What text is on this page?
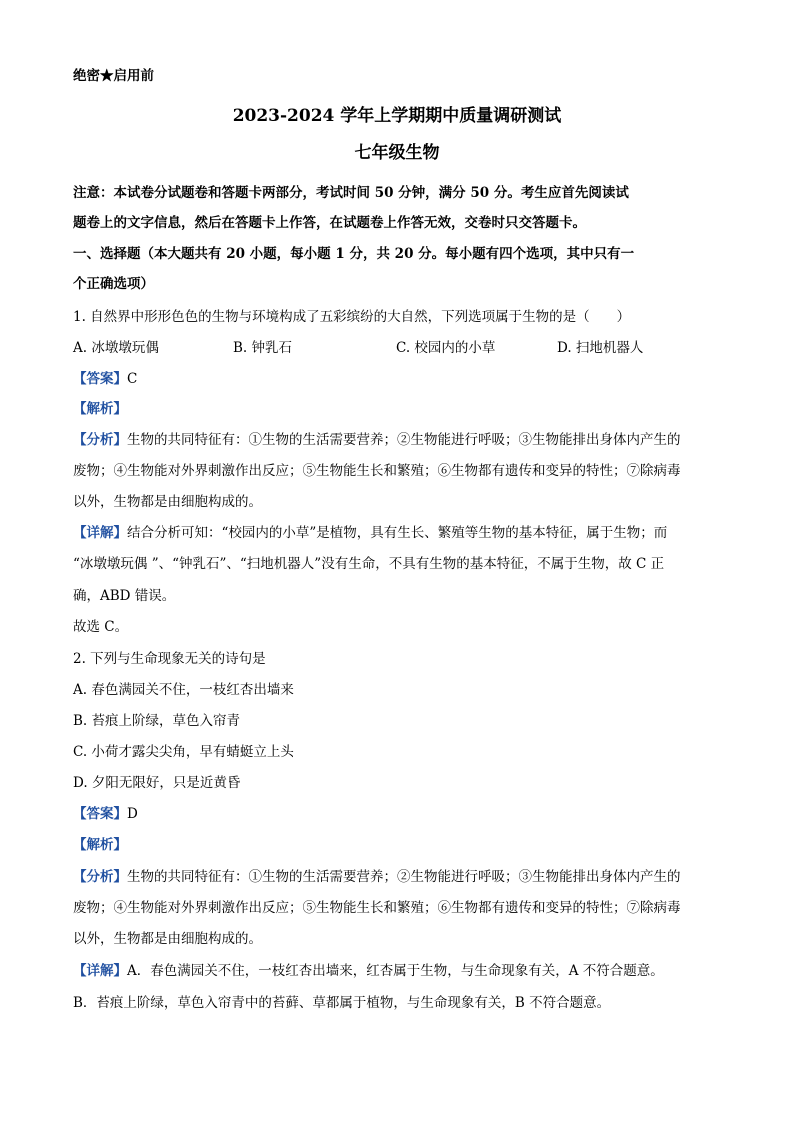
绝密★启用前
2023-2024 学年上学期期中质量调研测试
七年级生物
注意：本试卷分试题卷和答题卡两部分，考试时间 50 分钟，满分 50 分。考生应首先阅读试
题卷上的文字信息，然后在答题卡上作答，在试题卷上作答无效，交卷时只交答题卡。
一、选择题（本大题共有 20 小题，每小题 1 分，共 20 分。每小题有四个选项，其中只有一
个正确选项）
1. 自然界中形形色色的生物与环境构成了五彩缤纷的大自然，下列选项属于生物的是（　　）
A. 冰墩墩玩偶	B. 钟乳石	C. 校园内的小草	D. 扫地机器人
【答案】C
【解析】
【分析】生物的共同特征有：①生物的生活需要营养；②生物能进行呼吸；③生物能排出身体内产生的
废物；④生物能对外界刺激作出反应；⑤生物能生长和繁殖；⑥生物都有遗传和变异的特性；⑦除病毒
以外，生物都是由细胞构成的。
【详解】结合分析可知：“校园内的小草”是植物，具有生长、繁殖等生物的基本特征，属于生物；而
“冰墩墩玩偶 ”、“钟乳石”、“扫地机器人”没有生命，不具有生物的基本特征，不属于生物，故 C 正
确，ABD 错误。
故选 C。
2. 下列与生命现象无关的诗句是
A. 春色满园关不住，一枝红杏出墙来
B. 苔痕上阶绿，草色入帘青
C. 小荷才露尖尖角，早有蜻蜓立上头
D. 夕阳无限好，只是近黄昏
【答案】D
【解析】
【分析】生物的共同特征有：①生物的生活需要营养；②生物能进行呼吸；③生物能排出身体内产生的
废物；④生物能对外界刺激作出反应；⑤生物能生长和繁殖；⑥生物都有遗传和变异的特性；⑦除病毒
以外，生物都是由细胞构成的。
【详解】A．春色满园关不住，一枝红杏出墙来，红杏属于生物，与生命现象有关，A 不符合题意。
B．苔痕上阶绿，草色入帘青中的苔藓、草都属于植物，与生命现象有关，B 不符合题意。
